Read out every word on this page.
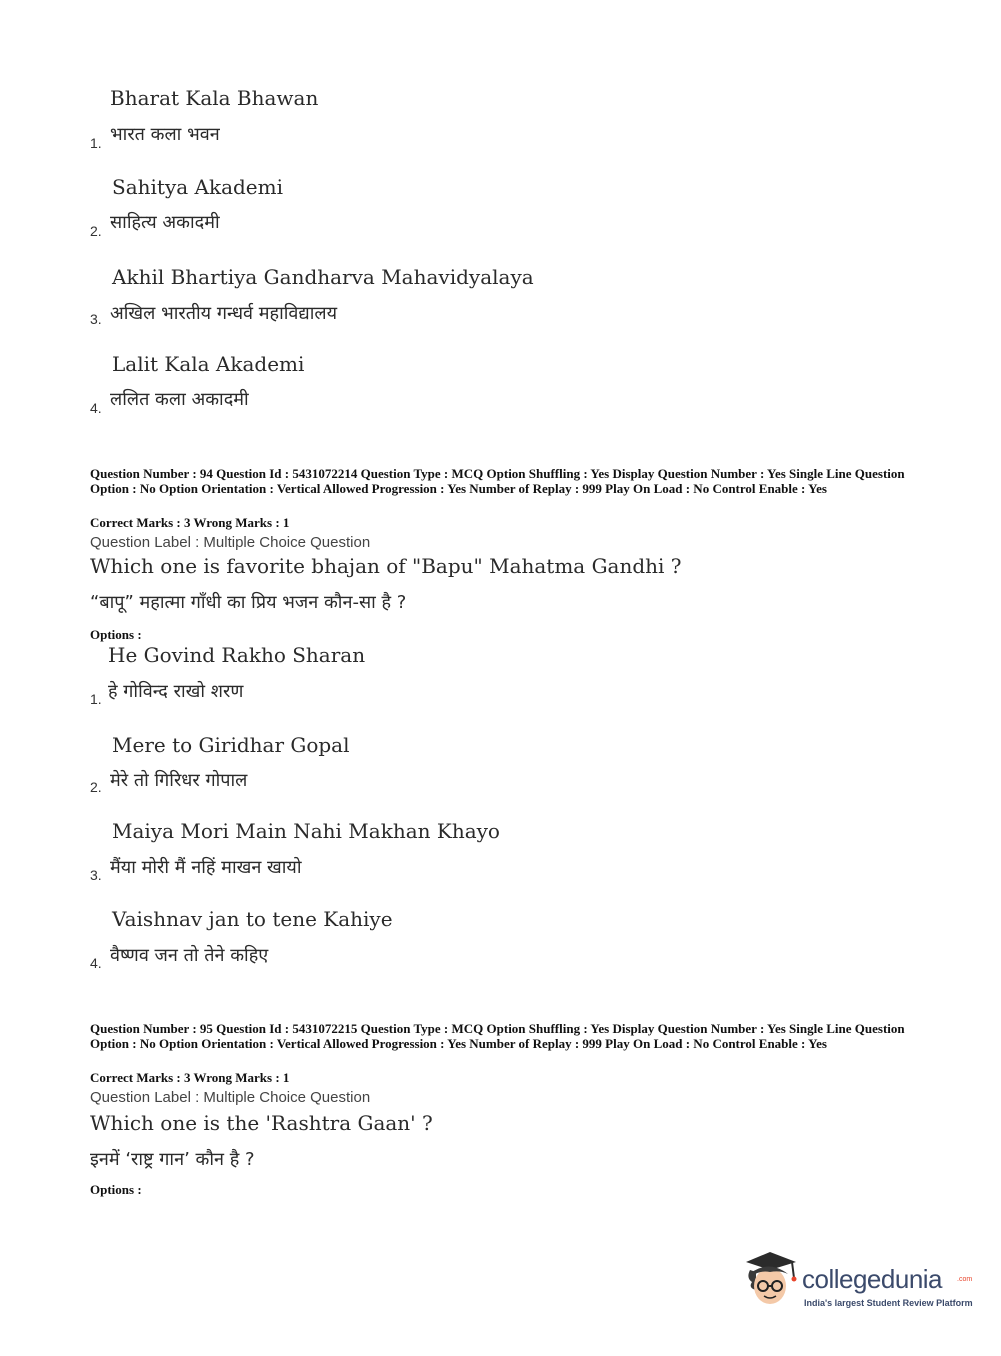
Bharat Kala Bhawan
1. भारत कला भवन
Sahitya Akademi
2. साहित्य अकादमी
Akhil Bhartiya Gandharva Mahavidyalaya
3. अखिल भारतीय गन्धर्व महाविद्यालय
Lalit Kala Akademi
4. ललित कला अकादमी
Question Number : 94 Question Id : 5431072214 Question Type : MCQ Option Shuffling : Yes Display Question Number : Yes Single Line Question Option : No Option Orientation : Vertical Allowed Progression : Yes Number of Replay : 999 Play On Load : No Control Enable : Yes
Correct Marks : 3 Wrong Marks : 1
Question Label : Multiple Choice Question
Which one is favorite bhajan of "Bapu" Mahatma Gandhi ?
“बापू” महात्मा गाँधी का प्रिय भजन कौन-सा है ?
Options :
He Govind Rakho Sharan
1. हे गोविन्द राखो शरण
Mere to Giridhar Gopal
2. मेरे तो गिरिधर गोपाल
Maiya Mori Main Nahi Makhan Khayo
3. मैंया मोरी मैं नहिं माखन खायो
Vaishnav jan to tene Kahiye
4. वैष्णव जन तो तेने कहिए
Question Number : 95 Question Id : 5431072215 Question Type : MCQ Option Shuffling : Yes Display Question Number : Yes Single Line Question Option : No Option Orientation : Vertical Allowed Progression : Yes Number of Replay : 999 Play On Load : No Control Enable : Yes
Correct Marks : 3 Wrong Marks : 1
Question Label : Multiple Choice Question
Which one is the 'Rashtra Gaan' ?
इनमें ‘राष्ट्र गान’ कौन है ?
Options :
collegedunia .com
India's largest Student Review Platform
